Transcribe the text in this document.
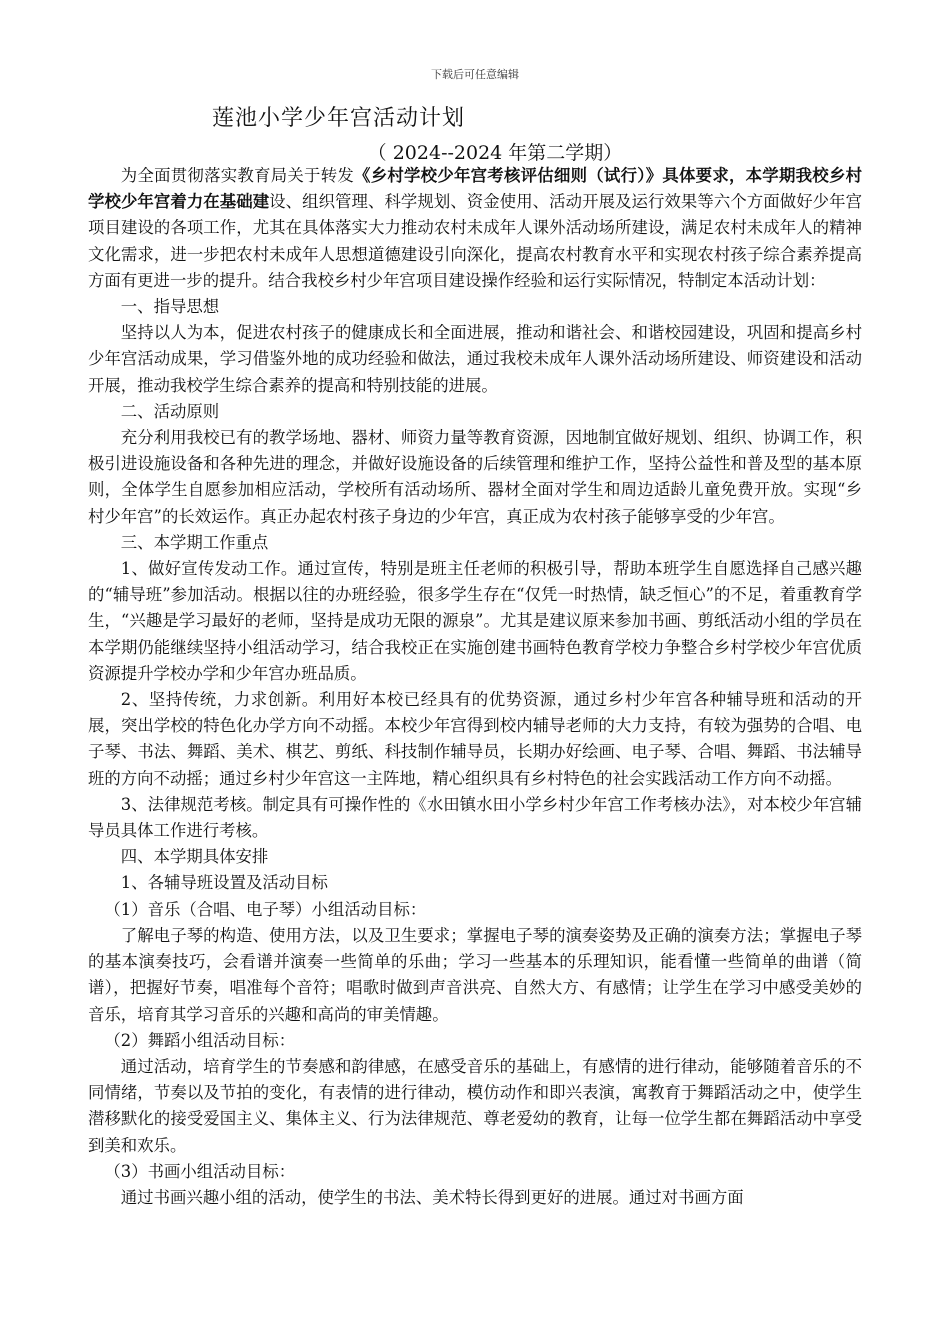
下载后可任意编辑
莲池小学少年宫活动计划
（ 2024--2024 年第二学期）

为全面贯彻落实教育局关于转发《乡村学校少年宫考核评估细则（试行）》具体要求，本学期我校乡村学校少年宫着力在基础建设、组织管理、科学规划、资金使用、活动开展及运行效果等六个方面做好少年宫项目建设的各项工作，尤其在具体落实大力推动农村未成年人课外活动场所建设，满足农村未成年人的精神文化需求，进一步把农村未成年人思想道德建设引向深化，提高农村教育水平和实现农村孩子综合素养提高方面有更进一步的提升。结合我校乡村少年宫项目建设操作经验和运行实际情况，特制定本活动计划：

一、指导思想

坚持以人为本，促进农村孩子的健康成长和全面进展，推动和谐社会、和谐校园建设，巩固和提高乡村少年宫活动成果，学习借鉴外地的成功经验和做法，通过我校未成年人课外活动场所建设、师资建设和活动开展，推动我校学生综合素养的提高和特别技能的进展。

二、活动原则

充分利用我校已有的教学场地、器材、师资力量等教育资源，因地制宜做好规划、组织、协调工作，积极引进设施设备和各种先进的理念，并做好设施设备的后续管理和维护工作，坚持公益性和普及型的基本原则，全体学生自愿参加相应活动，学校所有活动场所、器材全面对学生和周边适龄儿童免费开放。实现“乡村少年宫”的长效运作。真正办起农村孩子身边的少年宫，真正成为农村孩子能够享受的少年宫。

三、本学期工作重点

1、做好宣传发动工作。通过宣传，特别是班主任老师的积极引导，帮助本班学生自愿选择自己感兴趣的“辅导班”参加活动。根据以往的办班经验，很多学生存在“仅凭一时热情，缺乏恒心”的不足，着重教育学生，“兴趣是学习最好的老师，坚持是成功无限的源泉”。尤其是建议原来参加书画、剪纸活动小组的学员在本学期仍能继续坚持小组活动学习，结合我校正在实施创建书画特色教育学校力争整合乡村学校少年宫优质资源提升学校办学和少年宫办班品质。

2、坚持传统，力求创新。利用好本校已经具有的优势资源，通过乡村少年宫各种辅导班和活动的开展，突出学校的特色化办学方向不动摇。本校少年宫得到校内辅导老师的大力支持，有较为强势的合唱、电子琴、书法、舞蹈、美术、棋艺、剪纸、科技制作辅导员，长期办好绘画、电子琴、合唱、舞蹈、书法辅导班的方向不动摇；通过乡村少年宫这一主阵地，精心组织具有乡村特色的社会实践活动工作方向不动摇。

3、法律规范考核。制定具有可操作性的《水田镇水田小学乡村少年宫工作考核办法》，对本校少年宫辅导员具体工作进行考核。

四、本学期具体安排

1、各辅导班设置及活动目标

（1）音乐（合唱、电子琴）小组活动目标：

了解电子琴的构造、使用方法，以及卫生要求；掌握电子琴的演奏姿势及正确的演奏方法；掌握电子琴的基本演奏技巧，会看谱并演奏一些简单的乐曲；学习一些基本的乐理知识，能看懂一些简单的曲谱（简谱），把握好节奏，唱准每个音符；唱歌时做到声音洪亮、自然大方、有感情；让学生在学习中感受美妙的音乐，培育其学习音乐的兴趣和高尚的审美情趣。

（2）舞蹈小组活动目标：

通过活动，培育学生的节奏感和韵律感，在感受音乐的基础上，有感情的进行律动，能够随着音乐的不同情绪，节奏以及节拍的变化，有表情的进行律动，模仿动作和即兴表演，寓教育于舞蹈活动之中，使学生潜移默化的接受爱国主义、集体主义、行为法律规范、尊老爱幼的教育，让每一位学生都在舞蹈活动中享受到美和欢乐。

（3）书画小组活动目标：

通过书画兴趣小组的活动，使学生的书法、美术特长得到更好的进展。通过对书画方面
